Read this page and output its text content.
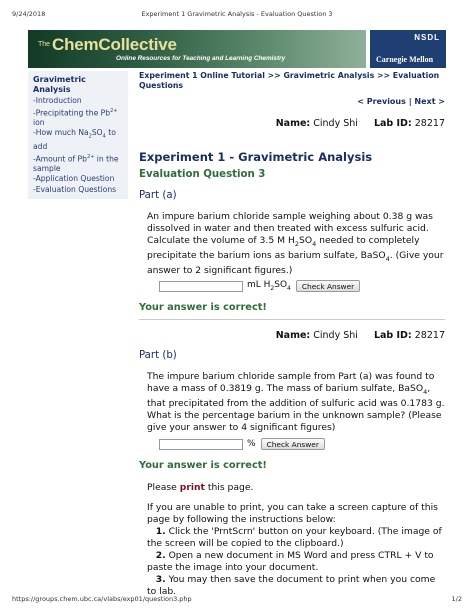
9/24/2018	Experiment 1 Gravimetric Analysis - Evaluation Question 3
The ChemCollective
Online Resources for Teaching and Learning Chemistry
NSDL
Carnegie Mellon
Gravimetric Analysis
-Introduction
-Precipitating the $Pb^{2+}$ ion
-How much $Na_2SO_4$ to add
-Amount of $Pb^{2+}$ in the sample
-Application Question
-Evaluation Questions
Experiment 1 Online Tutorial >> Gravimetric Analysis >> Evaluation Questions
< Previous | Next >
Name: Cindy Shi Lab ID: 28217
Experiment 1 - Gravimetric Analysis
Evaluation Question 3
Part (a)
An impure barium chloride sample weighing about 0.38 g was dissolved in water and then treated with excess sulfuric acid. Calculate the volume of 3.5 M $H_2SO_4$ needed to completely precipitate the barium ions as barium sulfate, BaSO$_4$. (Give your answer to 2 significant figures.)
mL $H_2SO_4$	Check Answer
Your answer is correct!
Name: Cindy Shi Lab ID: 28217
Part (b)
The impure barium chloride sample from Part (a) was found to have a mass of 0.3819 g. The mass of barium sulfate, BaSO$_4$, that precipitated from the addition of sulfuric acid was 0.1783 g. What is the percentage barium in the unknown sample? (Please give your answer to 4 significant figures)
%	Check Answer
Your answer is correct!
Please print this page.
If you are unable to print, you can take a screen capture of this page by following the instructions below:
1. Click the 'PrntScrn' button on your keyboard. (The image of the screen will be copied to the clipboard.)
2. Open a new document in MS Word and press CTRL + V to paste the image into your document.
3. You may then save the document to print when you come to lab.
https://groups.chem.ubc.ca/vlabs/exp01/question3.php	1/2
